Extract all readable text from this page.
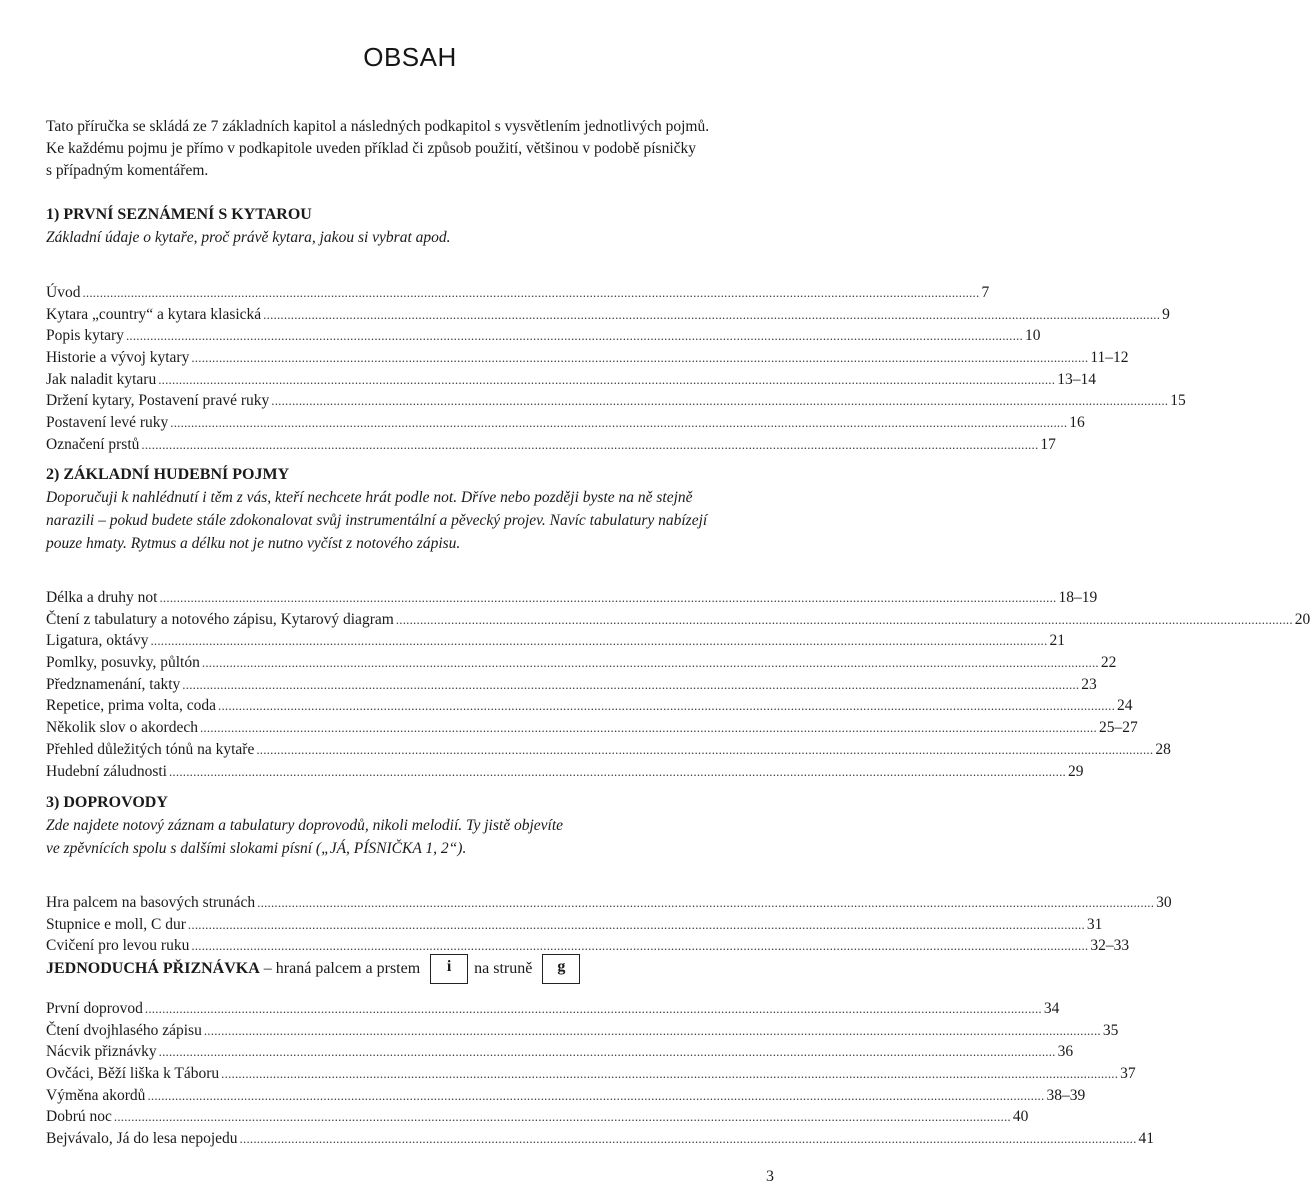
OBSAH
Tato příručka se skládá ze 7 základních kapitol a následných podkapitol s vysvětlením jednotlivých pojmů.
Ke každému pojmu je přímo v podkapitole uveden příklad či způsob použití, většinou v podobě písničky
s případným komentářem.
1) PRVNÍ SEZNÁMENÍ S KYTAROU
Základní údaje o kytaře, proč právě kytara, jakou si vybrat apod.
Úvod .................................................................................................................................................................................................................................................................... 7
Kytara „country“ a kytara klasická .................................................................................................................................................................................................................................................................... 9
Popis kytary .................................................................................................................................................................................................................................................................... 10
Historie a vývoj kytary .................................................................................................................................................................................................................................................................... 11–12
Jak naladit kytaru .................................................................................................................................................................................................................................................................... 13–14
Držení kytary, Postavení pravé ruky .................................................................................................................................................................................................................................................................... 15
Postavení levé ruky .................................................................................................................................................................................................................................................................... 16
Označení prstů .................................................................................................................................................................................................................................................................... 17
2) ZÁKLADNÍ HUDEBNÍ POJMY
Doporučuji k nahlédnutí i těm z vás, kteří nechcete hrát podle not. Dříve nebo později byste na ně stejně
narazili – pokud budete stále zdokonalovat svůj instrumentální a pěvecký projev. Navíc tabulatury nabízejí
pouze hmaty. Rytmus a délku not je nutno vyčíst z notového zápisu.
Délka a druhy not .................................................................................................................................................................................................................................................................... 18–19
Čtení z tabulatury a notového zápisu, Kytarový diagram .................................................................................................................................................................................................................................................................... 20
Ligatura, oktávy .................................................................................................................................................................................................................................................................... 21
Pomlky, posuvky, půltón .................................................................................................................................................................................................................................................................... 22
Předznamenání, takty .................................................................................................................................................................................................................................................................... 23
Repetice, prima volta, coda .................................................................................................................................................................................................................................................................... 24
Několik slov o akordech .................................................................................................................................................................................................................................................................... 25–27
Přehled důležitých tónů na kytaře .................................................................................................................................................................................................................................................................... 28
Hudební záludnosti .................................................................................................................................................................................................................................................................... 29
3) DOPROVODY
Zde najdete notový záznam a tabulatury doprovodů, nikoli melodií. Ty jistě objevíte
ve zpěvnících spolu s dalšími slokami písní („JÁ, PÍSNIČKA 1, 2“).
Hra palcem na basových strunách .................................................................................................................................................................................................................................................................... 30
Stupnice e moll, C dur .................................................................................................................................................................................................................................................................... 31
Cvičení pro levou ruku .................................................................................................................................................................................................................................................................... 32–33
JEDNODUCHÁ PŘIZNÁVKA – hraná palcem a prstem i na struně g
První doprovod .................................................................................................................................................................................................................................................................... 34
Čtení dvojhlasého zápisu .................................................................................................................................................................................................................................................................... 35
Nácvik přiznávky .................................................................................................................................................................................................................................................................... 36
Ovčáci, Běží liška k Táboru .................................................................................................................................................................................................................................................................... 37
Výměna akordů .................................................................................................................................................................................................................................................................... 38–39
Dobrú noc .................................................................................................................................................................................................................................................................... 40
Bejvávalo, Já do lesa nepojedu .................................................................................................................................................................................................................................................................... 41
3
